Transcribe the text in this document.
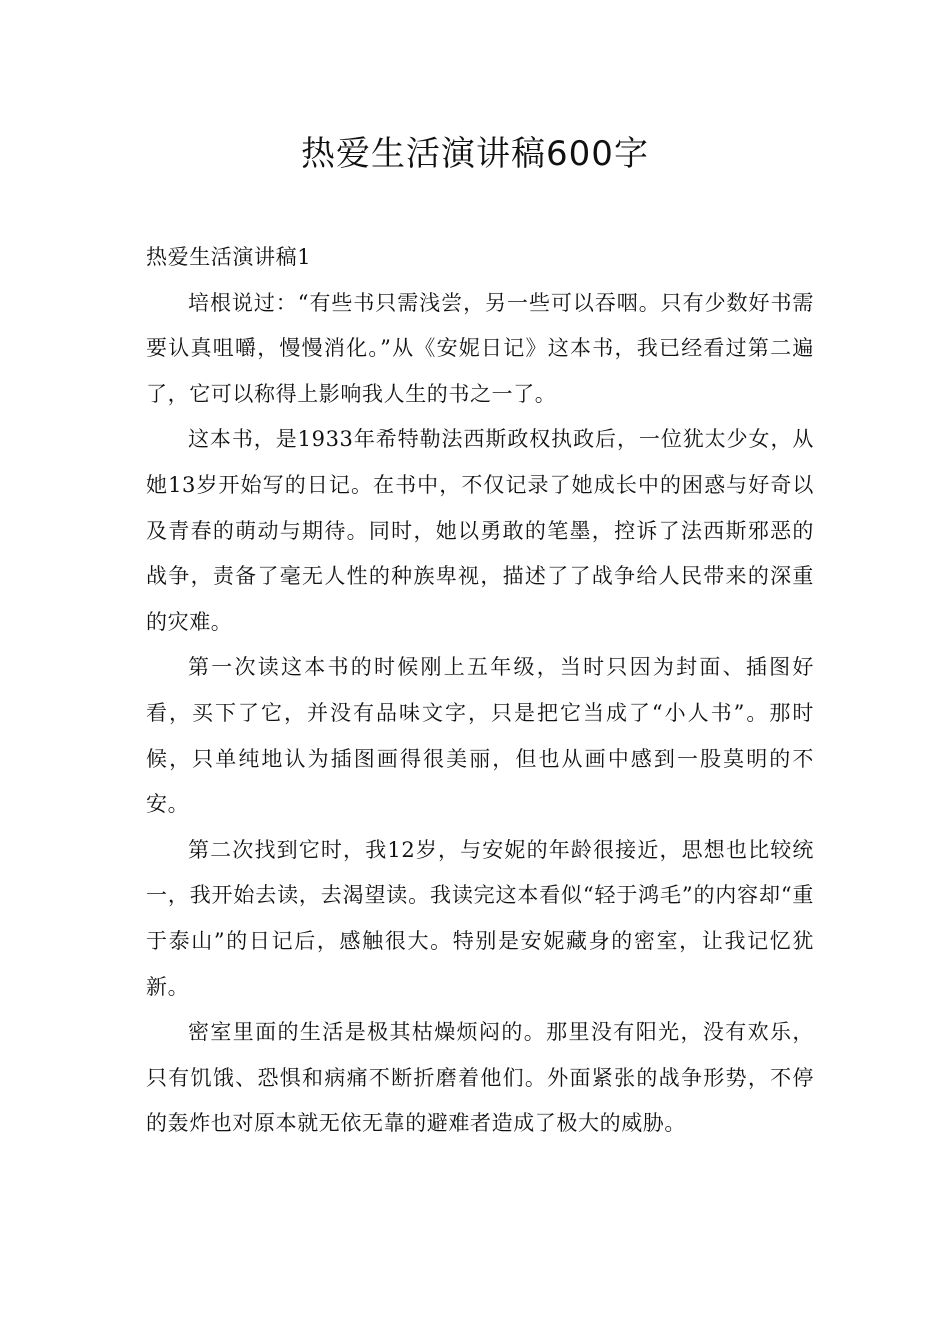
热爱生活演讲稿600字
热爱生活演讲稿1

培根说过：“有些书只需浅尝，另一些可以吞咽。只有少数好书需要认真咀嚼，慢慢消化。”从《安妮日记》这本书，我已经看过第二遍了，它可以称得上影响我人生的书之一了。

这本书，是1933年希特勒法西斯政权执政后，一位犹太少女，从她13岁开始写的日记。在书中，不仅记录了她成长中的困惑与好奇以及青春的萌动与期待。同时，她以勇敢的笔墨，控诉了法西斯邪恶的战争，责备了毫无人性的种族卑视，描述了了战争给人民带来的深重的灾难。

第一次读这本书的时候刚上五年级，当时只因为封面、插图好看，买下了它，并没有品味文字，只是把它当成了“小人书”。那时候，只单纯地认为插图画得很美丽，但也从画中感到一股莫明的不安。

第二次找到它时，我12岁，与安妮的年龄很接近，思想也比较统一，我开始去读，去渴望读。我读完这本看似“轻于鸿毛”的内容却“重于泰山”的日记后，感触很大。特别是安妮藏身的密室，让我记忆犹新。

密室里面的生活是极其枯燥烦闷的。那里没有阳光，没有欢乐，只有饥饿、恐惧和病痛不断折磨着他们。外面紧张的战争形势，不停的轰炸也对原本就无依无靠的避难者造成了极大的威胁。
